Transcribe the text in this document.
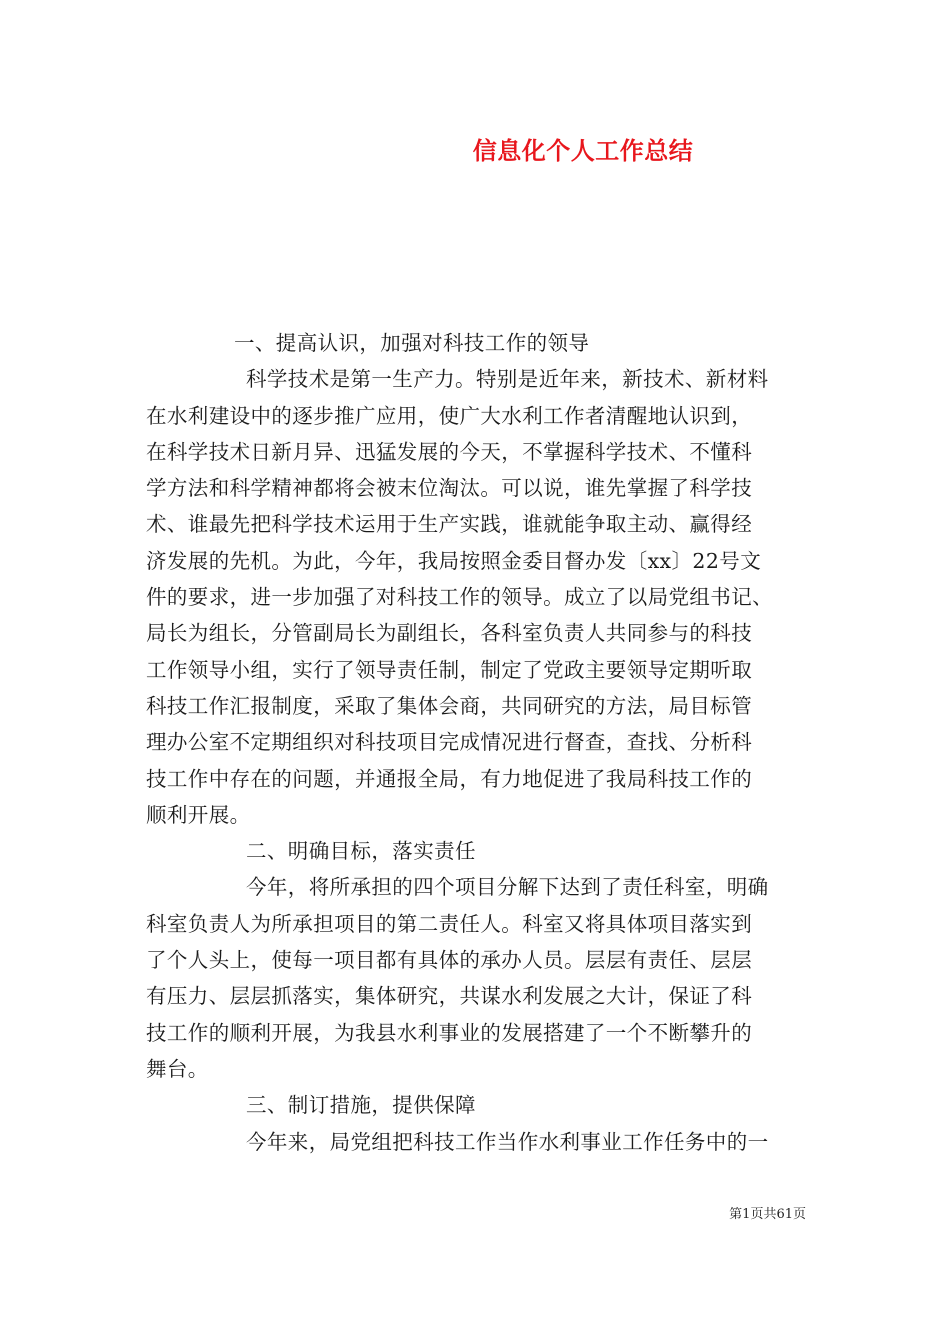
信息化个人工作总结
一、提高认识，加强对科技工作的领导
科学技术是第一生产力。特别是近年来，新技术、新材料
在水利建设中的逐步推广应用，使广大水利工作者清醒地认识到，
在科学技术日新月异、迅猛发展的今天，不掌握科学技术、不懂科
学方法和科学精神都将会被末位淘汰。可以说，谁先掌握了科学技
术、谁最先把科学技术运用于生产实践，谁就能争取主动、赢得经
济发展的先机。为此，今年，我局按照金委目督办发〔xx〕22号文
件的要求，进一步加强了对科技工作的领导。成立了以局党组书记、
局长为组长，分管副局长为副组长，各科室负责人共同参与的科技
工作领导小组，实行了领导责任制，制定了党政主要领导定期听取
科技工作汇报制度，采取了集体会商，共同研究的方法，局目标管
理办公室不定期组织对科技项目完成情况进行督查，查找、分析科
技工作中存在的问题，并通报全局，有力地促进了我局科技工作的
顺利开展。
二、明确目标，落实责任
今年，将所承担的四个项目分解下达到了责任科室，明确
科室负责人为所承担项目的第二责任人。科室又将具体项目落实到
了个人头上，使每一项目都有具体的承办人员。层层有责任、层层
有压力、层层抓落实，集体研究，共谋水利发展之大计，保证了科
技工作的顺利开展，为我县水利事业的发展搭建了一个不断攀升的
舞台。
三、制订措施，提供保障
今年来，局党组把科技工作当作水利事业工作任务中的一
第1页共61页
